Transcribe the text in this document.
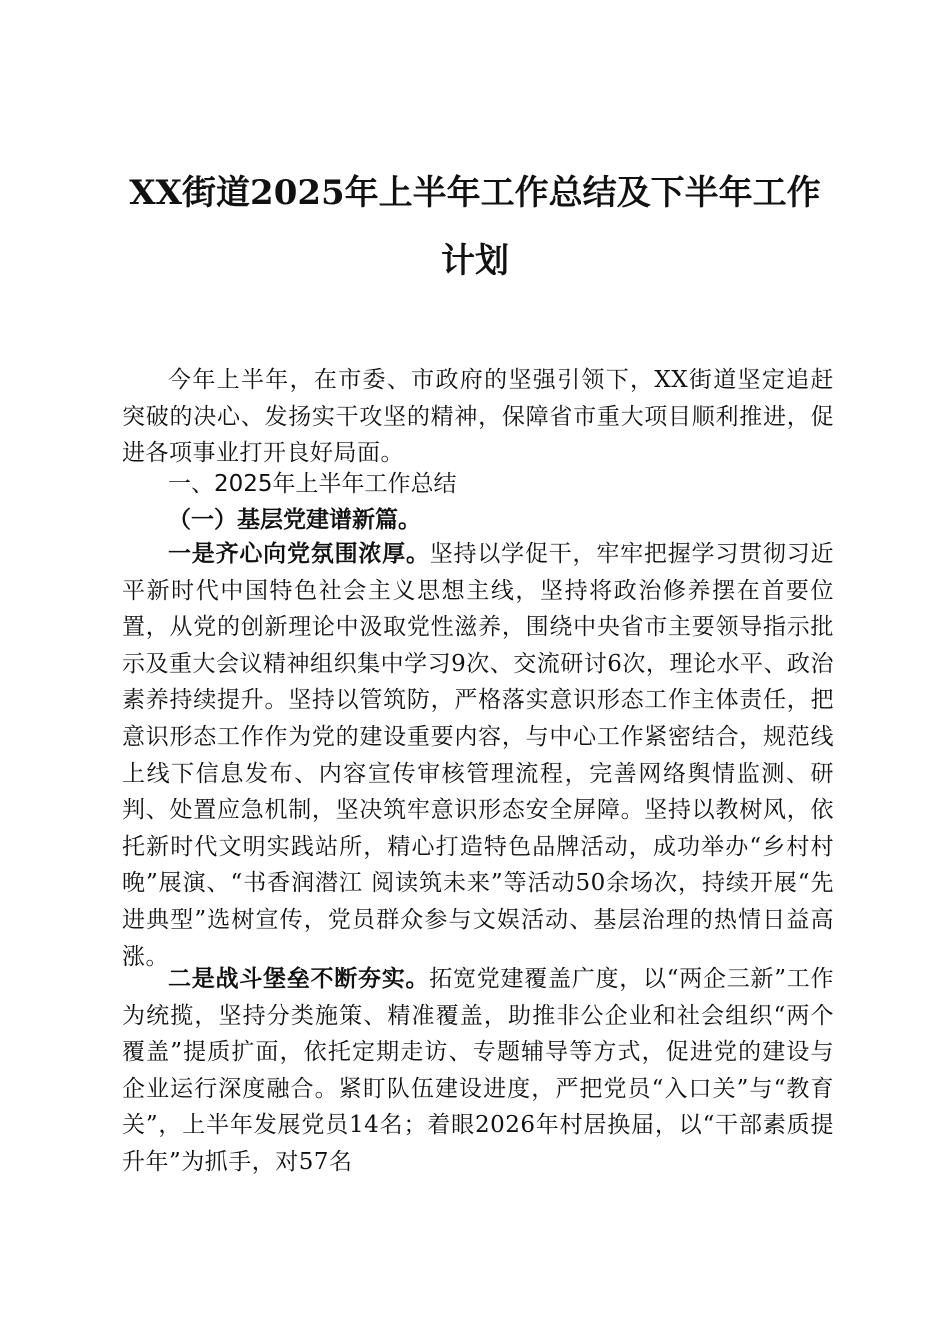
XX街道2025年上半年工作总结及下半年工作
计划

今年上半年，在市委、市政府的坚强引领下，XX街道坚定追赶突破的决心、发扬实干攻坚的精神，保障省市重大项目顺利推进，促进各项事业打开良好局面。

一、2025年上半年工作总结
（一）基层党建谱新篇。

一是齐心向党氛围浓厚。坚持以学促干，牢牢把握学习贯彻习近平新时代中国特色社会主义思想主线，坚持将政治修养摆在首要位置，从党的创新理论中汲取党性滋养，围绕中央省市主要领导指示批示及重大会议精神组织集中学习9次、交流研讨6次，理论水平、政治素养持续提升。坚持以管筑防，严格落实意识形态工作主体责任，把意识形态工作作为党的建设重要内容，与中心工作紧密结合，规范线上线下信息发布、内容宣传审核管理流程，完善网络舆情监测、研判、处置应急机制，坚决筑牢意识形态安全屏障。坚持以教树风，依托新时代文明实践站所，精心打造特色品牌活动，成功举办“乡村村晚”展演、“书香润潜江 阅读筑未来”等活动50余场次，持续开展“先进典型”选树宣传，党员群众参与文娱活动、基层治理的热情日益高涨。

二是战斗堡垒不断夯实。拓宽党建覆盖广度，以“两企三新”工作为统揽，坚持分类施策、精准覆盖，助推非公企业和社会组织“两个覆盖”提质扩面，依托定期走访、专题辅导等方式，促进党的建设与企业运行深度融合。紧盯队伍建设进度，严把党员“入口关”与“教育关”，上半年发展党员14名；着眼2026年村居换届，以“干部素质提升年”为抓手，对57名
